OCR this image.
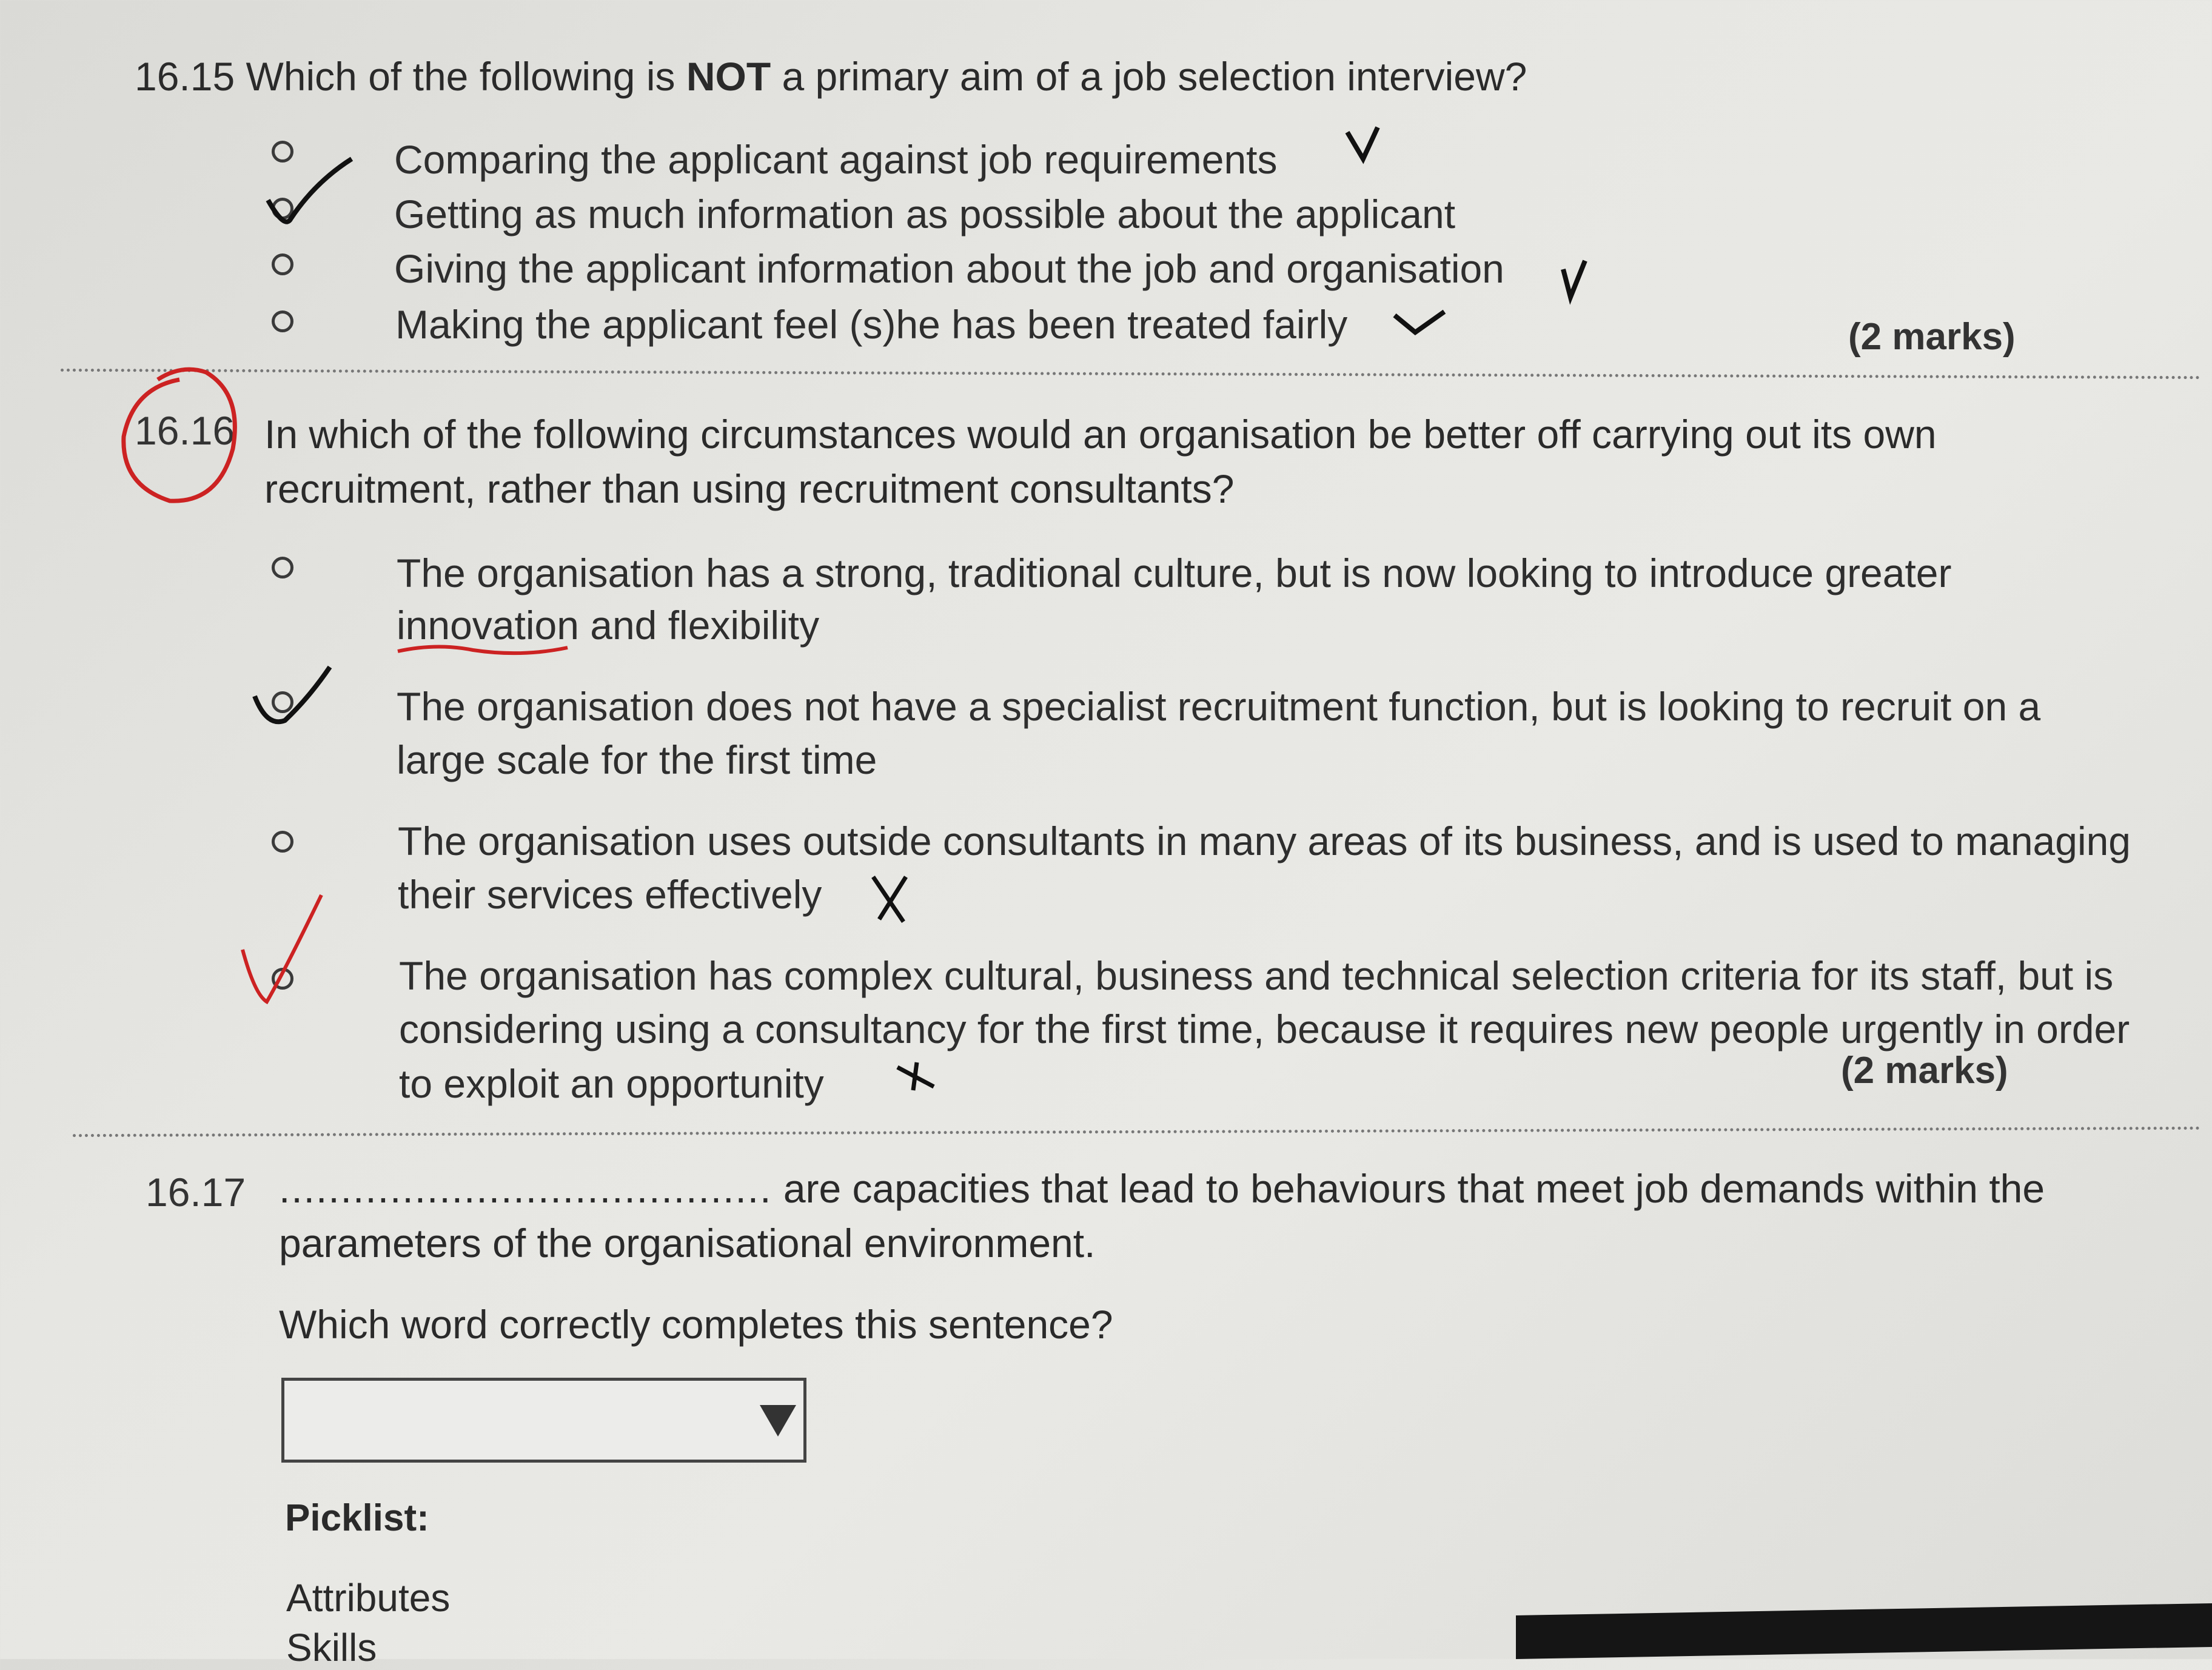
16.15 Which of the following is NOT a primary aim of a job selection interview?
Comparing the applicant against job requirements
Getting as much information as possible about the applicant
Giving the applicant information about the job and organisation
Making the applicant feel (s)he has been treated fairly	(2 marks)
16.16 In which of the following circumstances would an organisation be better off carrying out its own
recruitment, rather than using recruitment consultants?
The organisation has a strong, traditional culture, but is now looking to introduce greater
innovation and flexibility
The organisation does not have a specialist recruitment function, but is looking to recruit on a
large scale for the first time
The organisation uses outside consultants in many areas of its business, and is used to managing
their services effectively
The organisation has complex cultural, business and technical selection criteria for its staff, but is
considering using a consultancy for the first time, because it requires new people urgently in order
to exploit an opportunity	(2 marks)
16.17 ........................................ are capacities that lead to behaviours that meet job demands within the
parameters of the organisational environment.
Which word correctly completes this sentence?
Picklist:
Attributes
Skills
